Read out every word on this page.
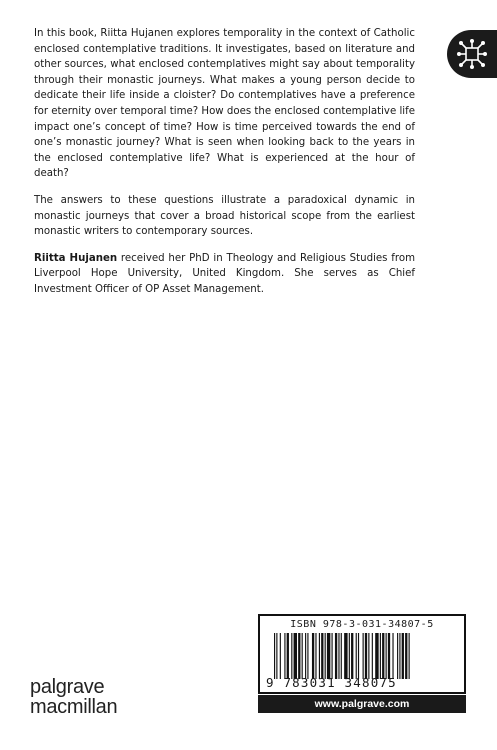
In this book, Riitta Hujanen explores temporality in the context of Catholic enclosed contemplative traditions. It investigates, based on literature and other sources, what enclosed contemplatives might say about temporality through their monastic journeys. What makes a young person decide to dedicate their life inside a cloister? Do contemplatives have a preference for eternity over temporal time? How does the enclosed contemplative life impact one’s concept of time? How is time perceived towards the end of one’s monastic journey? What is seen when looking back to the years in the enclosed contemplative life? What is experienced at the hour of death?

The answers to these questions illustrate a paradoxical dynamic in monastic journeys that cover a broad historical scope from the earliest monastic writers to contemporary sources.

Riitta Hujanen received her PhD in Theology and Religious Studies from Liverpool Hope University, United Kingdom. She serves as Chief Investment Officer of OP Asset Management.

palgrave
macmillan
ISBN 978-3-031-34807-5
9 783031 348075
www.palgrave.com
